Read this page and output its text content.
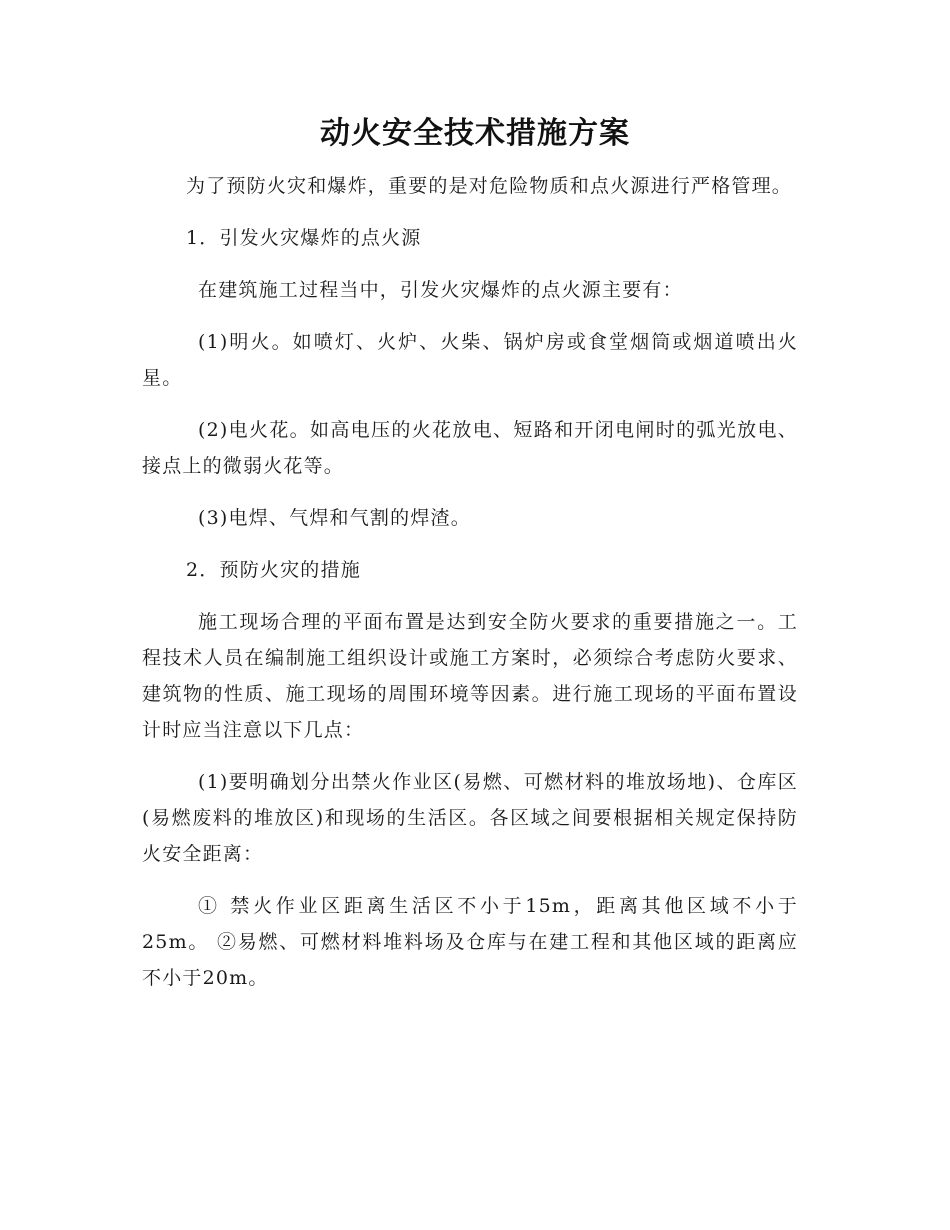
动火安全技术措施方案

为了预防火灾和爆炸，重要的是对危险物质和点火源进行严格管理。

1．引发火灾爆炸的点火源

在建筑施工过程当中，引发火灾爆炸的点火源主要有：

(1)明火。如喷灯、火炉、火柴、锅炉房或食堂烟筒或烟道喷出火星。

(2)电火花。如高电压的火花放电、短路和开闭电闸时的弧光放电、接点上的微弱火花等。

(3)电焊、气焊和气割的焊渣。

2．预防火灾的措施

施工现场合理的平面布置是达到安全防火要求的重要措施之一。工程技术人员在编制施工组织设计或施工方案时，必须综合考虑防火要求、建筑物的性质、施工现场的周围环境等因素。进行施工现场的平面布置设计时应当注意以下几点：

(1)要明确划分出禁火作业区(易燃、可燃材料的堆放场地)、仓库区(易燃废料的堆放区)和现场的生活区。各区域之间要根据相关规定保持防火安全距离：

① 禁火作业区距离生活区不小于15m，距离其他区域不小于25m。 ②易燃、可燃材料堆料场及仓库与在建工程和其他区域的距离应不小于20m。
